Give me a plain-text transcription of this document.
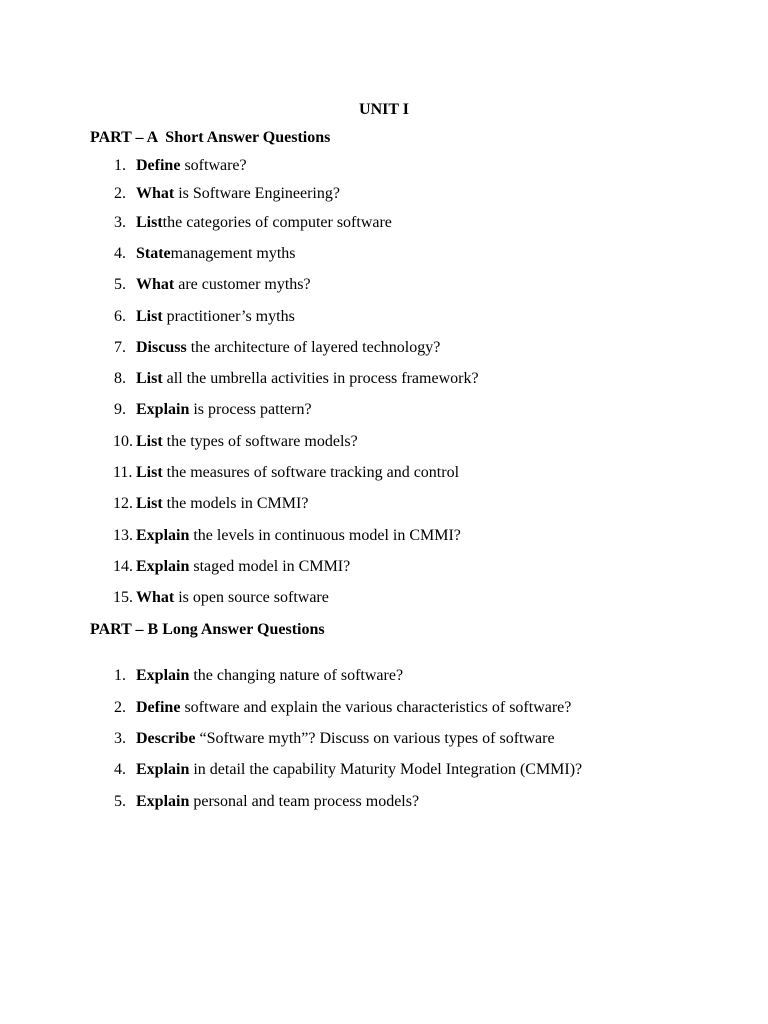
UNIT I
PART – A  Short Answer Questions
1. Define software?
2. What is Software Engineering?
3. Listthe categories of computer software
4. Statemanagement myths
5. What are customer myths?
6. List practitioner’s myths
7. Discuss the architecture of layered technology?
8. List all the umbrella activities in process framework?
9. Explain is process pattern?
10. List the types of software models?
11. List the measures of software tracking and control
12. List the models in CMMI?
13. Explain the levels in continuous model in CMMI?
14. Explain staged model in CMMI?
15. What is open source software
PART – B Long Answer Questions
1. Explain the changing nature of software?
2. Define software and explain the various characteristics of software?
3. Describe “Software myth”? Discuss on various types of software
4. Explain in detail the capability Maturity Model Integration (CMMI)?
5. Explain personal and team process models?
